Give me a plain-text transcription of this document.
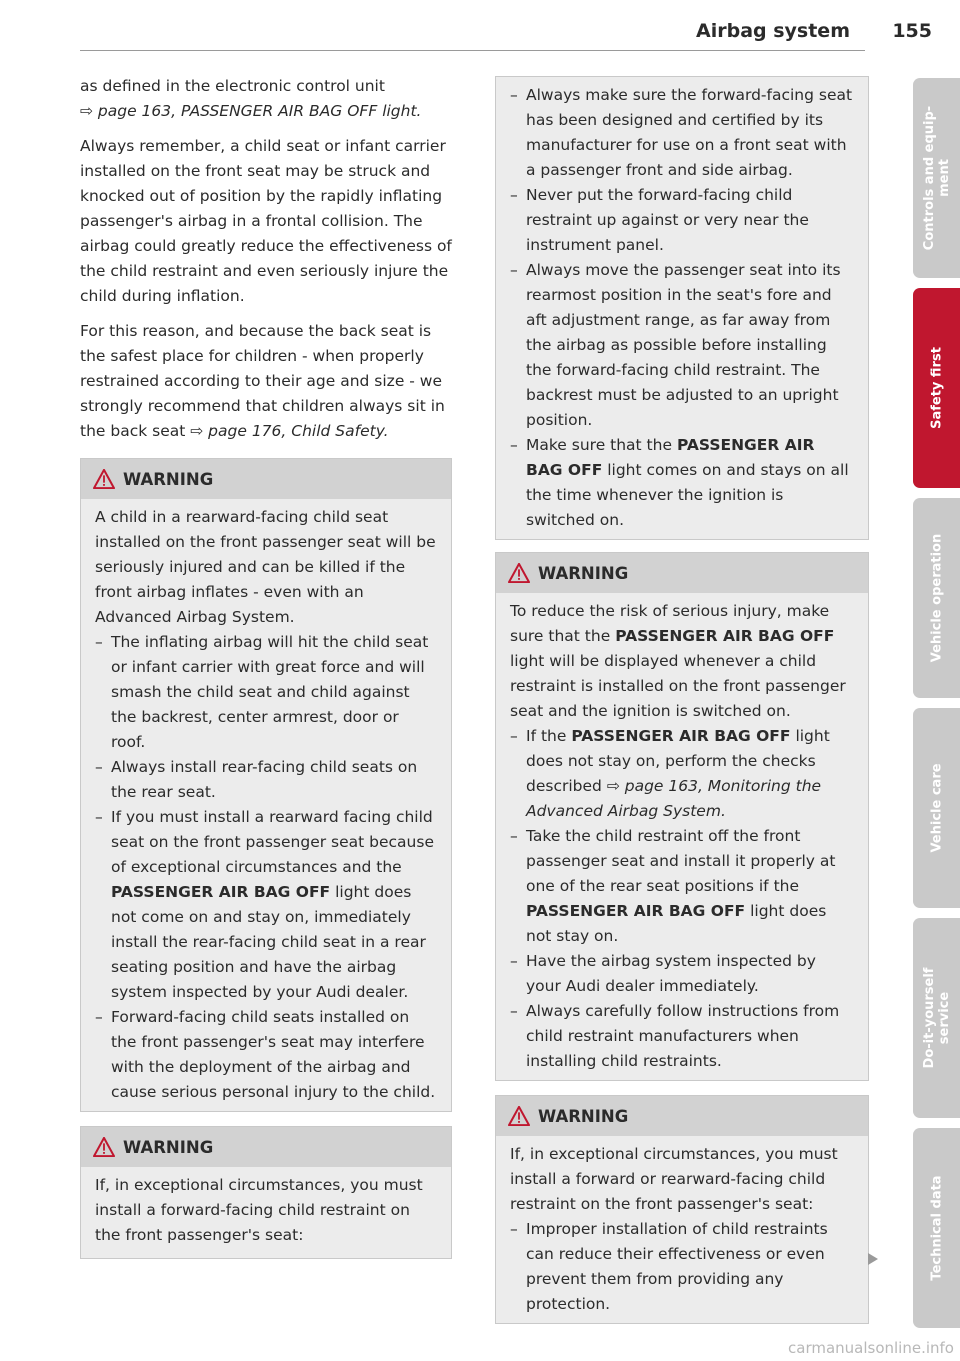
Airbag system 155

as defined in the electronic control unit
⇨ page 163, PASSENGER AIR BAG OFF light.

Always remember, a child seat or infant carrier installed on the front seat may be struck and knocked out of position by the rapidly inflating passenger's airbag in a frontal collision. The airbag could greatly reduce the effectiveness of the child restraint and even seriously injure the child during inflation.

For this reason, and because the back seat is the safest place for children - when properly restrained according to their age and size - we strongly recommend that children always sit in the back seat ⇨ page 176, Child Safety.

WARNING

A child in a rearward-facing child seat installed on the front passenger seat will be seriously injured and can be killed if the front airbag inflates - even with an Advanced Airbag System.

– The inflating airbag will hit the child seat or infant carrier with great force and will smash the child seat and child against the backrest, center armrest, door or roof.
– Always install rear-facing child seats on the rear seat.
– If you must install a rearward facing child seat on the front passenger seat because of exceptional circumstances and the PASSENGER AIR BAG OFF light does not come on and stay on, immediately install the rear-facing child seat in a rear seating position and have the airbag system inspected by your Audi dealer.
– Forward-facing child seats installed on the front passenger's seat may interfere with the deployment of the airbag and cause serious personal injury to the child.
WARNING

If, in exceptional circumstances, you must install a forward-facing child restraint on the front passenger's seat:

– Always make sure the forward-facing seat has been designed and certified by its manufacturer for use on a front seat with a passenger front and side airbag.
– Never put the forward-facing child restraint up against or very near the instrument panel.
– Always move the passenger seat into its rearmost position in the seat's fore and aft adjustment range, as far away from the airbag as possible before installing the forward-facing child restraint. The backrest must be adjusted to an upright position.
– Make sure that the PASSENGER AIR BAG OFF light comes on and stays on all the time whenever the ignition is switched on.
WARNING

To reduce the risk of serious injury, make sure that the PASSENGER AIR BAG OFF light will be displayed whenever a child restraint is installed on the front passenger seat and the ignition is switched on.

– If the PASSENGER AIR BAG OFF light does not stay on, perform the checks described ⇨ page 163, Monitoring the Advanced Airbag System.
– Take the child restraint off the front passenger seat and install it properly at one of the rear seat positions if the PASSENGER AIR BAG OFF light does not stay on.
– Have the airbag system inspected by your Audi dealer immediately.
– Always carefully follow instructions from child restraint manufacturers when installing child restraints.
WARNING

If, in exceptional circumstances, you must install a forward or rearward-facing child restraint on the front passenger's seat:

– Improper installation of child restraints can reduce their effectiveness or even prevent them from providing any protection.
Controls and equip-
ment
Safety first
Vehicle operation
Vehicle care
Do-it-yourself
service
Technical data
carmanualsonline.info
